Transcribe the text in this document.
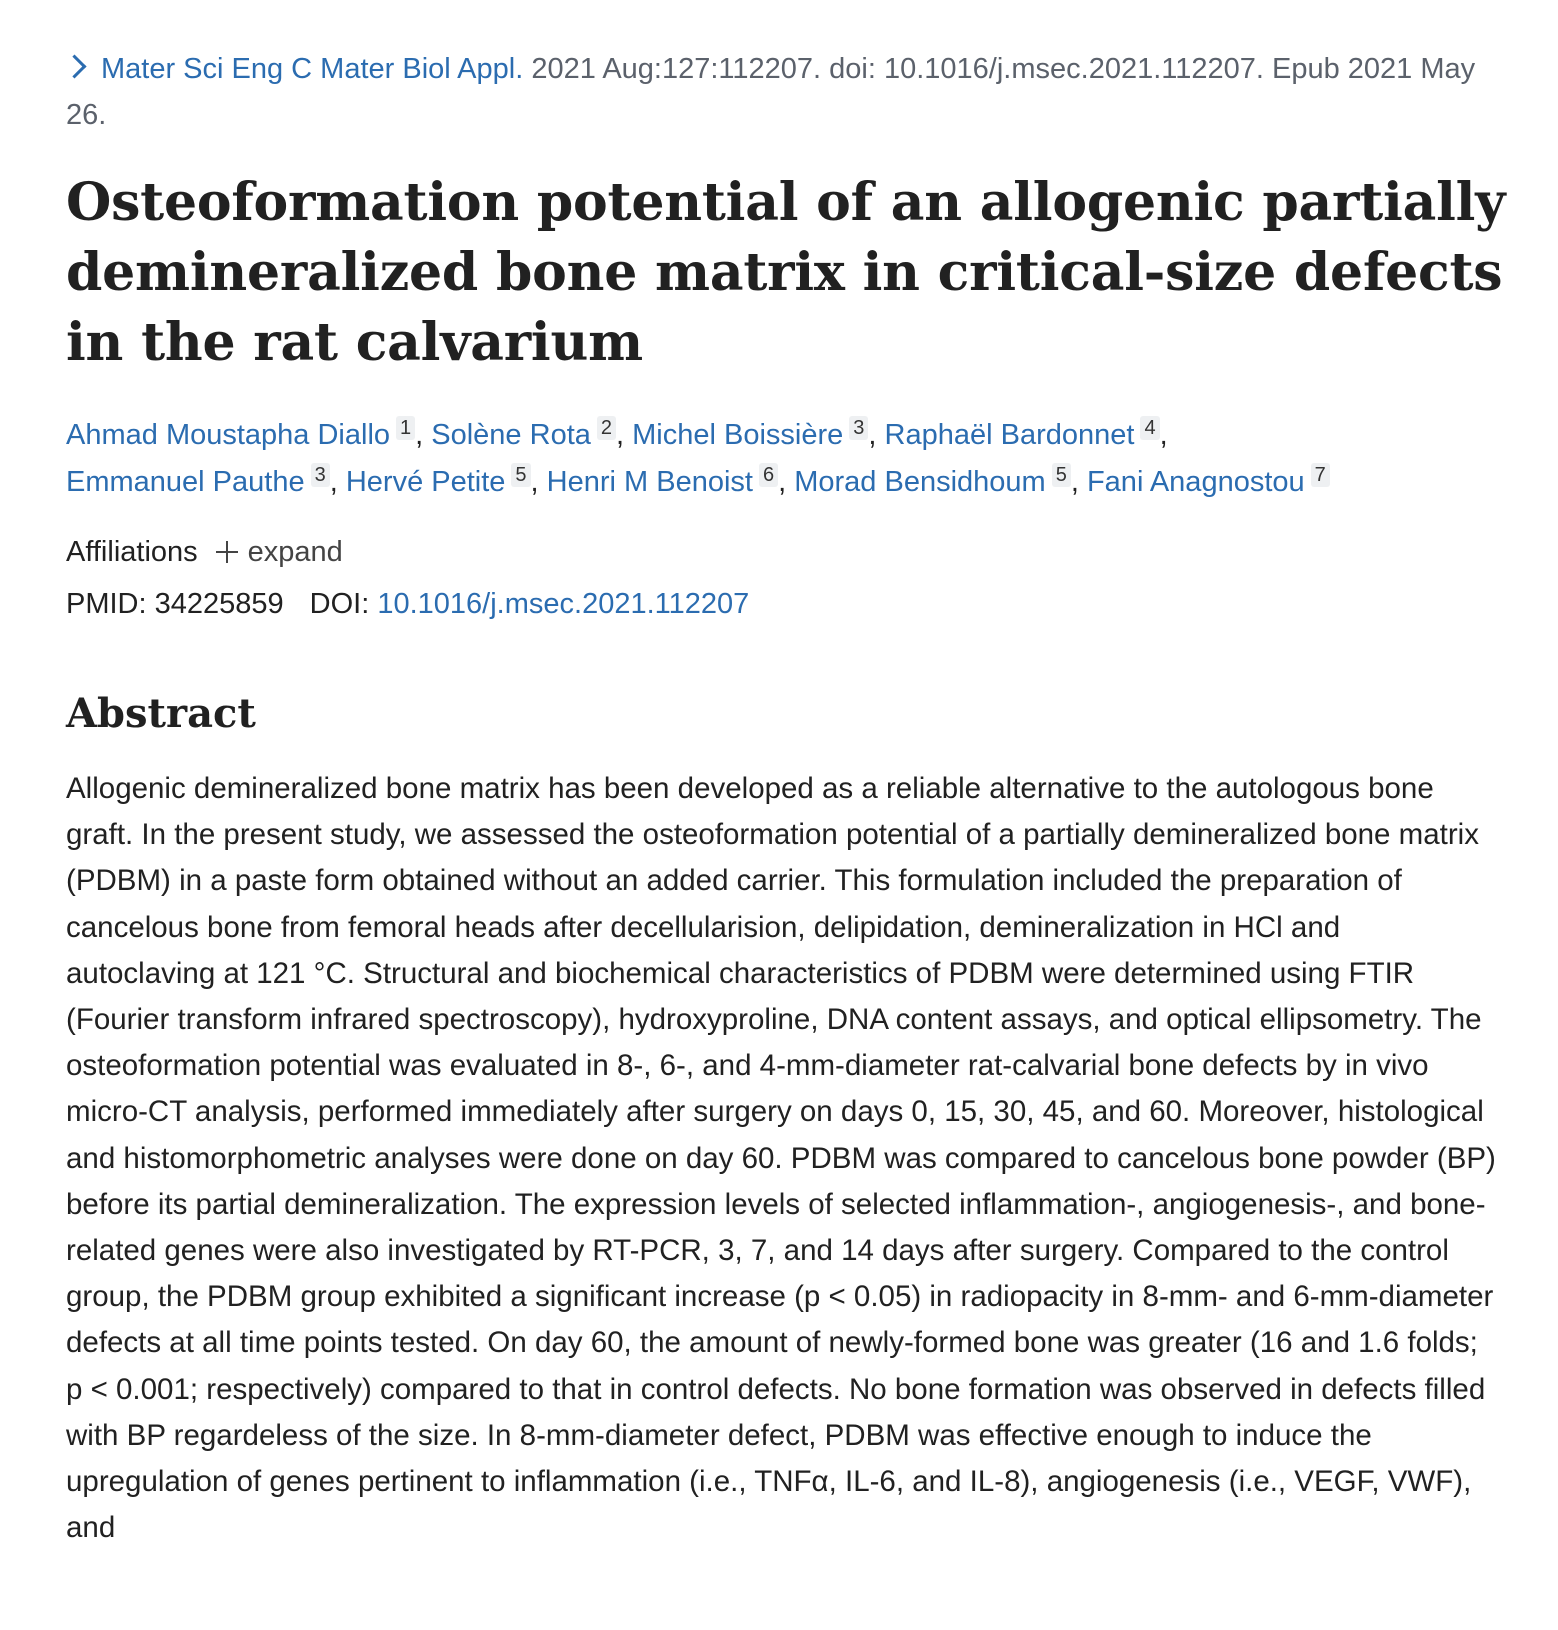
Mater Sci Eng C Mater Biol Appl. 2021 Aug:127:112207. doi: 10.1016/j.msec.2021.112207. Epub 2021 May 26.
Osteoformation potential of an allogenic partially demineralized bone matrix in critical-size defects in the rat calvarium
Ahmad Moustapha Diallo 1 , Solène Rota 2 , Michel Boissière 3 , Raphaël Bardonnet 4 ,
Emmanuel Pauthe 3 , Hervé Petite 5 , Henri M Benoist 6 , Morad Bensidhoum 5 , Fani Anagnostou 7
Affiliations expand
PMID: 34225859 DOI: 10.1016/j.msec.2021.112207
Abstract

Allogenic demineralized bone matrix has been developed as a reliable alternative to the autologous bone graft. In the present study, we assessed the osteoformation potential of a partially demineralized bone matrix (PDBM) in a paste form obtained without an added carrier. This formulation included the preparation of cancelous bone from femoral heads after decellularision, delipidation, demineralization in HCl and autoclaving at 121 °C. Structural and biochemical characteristics of PDBM were determined using FTIR (Fourier transform infrared spectroscopy), hydroxyproline, DNA content assays, and optical ellipsometry. The osteoformation potential was evaluated in 8-, 6-, and 4-mm-diameter rat-calvarial bone defects by in vivo micro-CT analysis, performed immediately after surgery on days 0, 15, 30, 45, and 60. Moreover, histological and histomorphometric analyses were done on day 60. PDBM was compared to cancelous bone powder (BP) before its partial demineralization. The expression levels of selected inflammation-, angiogenesis-, and bone-related genes were also investigated by RT-PCR, 3, 7, and 14 days after surgery. Compared to the control group, the PDBM group exhibited a significant increase (p < 0.05) in radiopacity in 8-mm- and 6-mm-diameter defects at all time points tested. On day 60, the amount of newly-formed bone was greater (16 and 1.6 folds; p < 0.001; respectively) compared to that in control defects. No bone formation was observed in defects filled with BP regardeless of the size. In 8-mm-diameter defect, PDBM was effective enough to induce the upregulation of genes pertinent to inflammation (i.e., TNFα, IL-6, and IL-8), angiogenesis (i.e., VEGF, VWF), and
